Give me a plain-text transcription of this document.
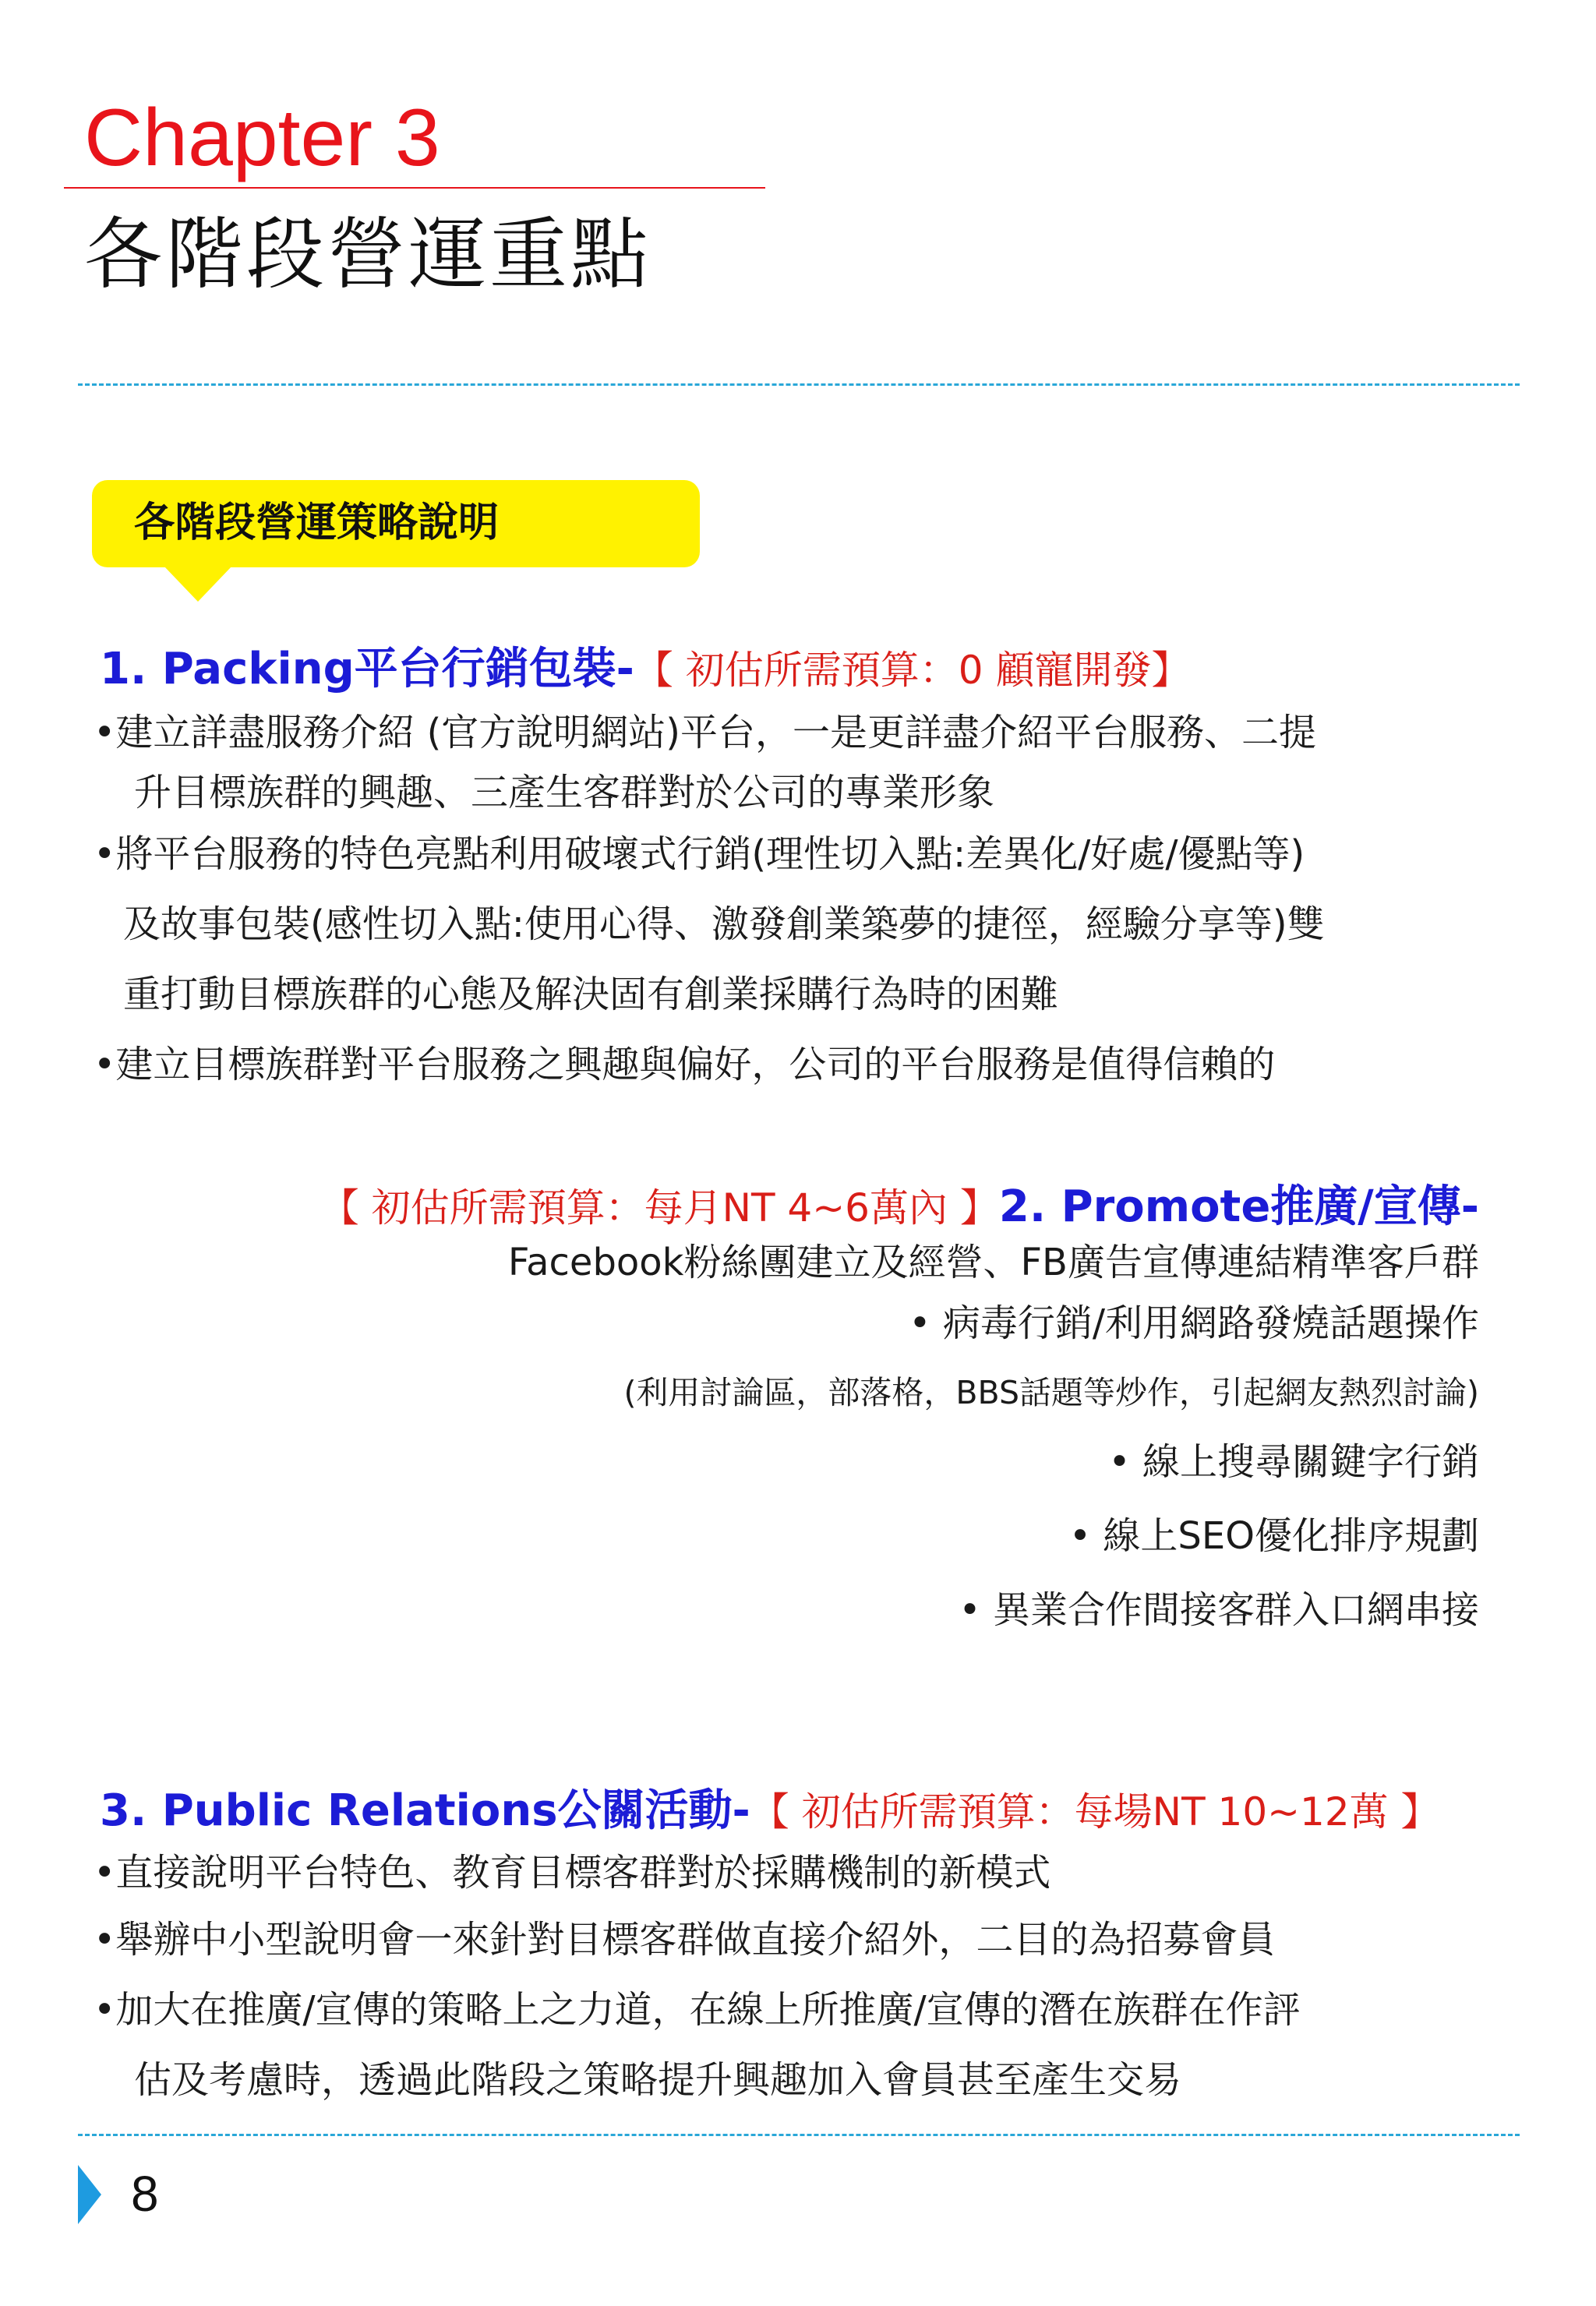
Chapter 3
各階段營運重點
各階段營運策略說明
1. Packing平台行銷包裝-【 初估所需預算：0 顧寵開發】
•建立詳盡服務介紹 (官方說明網站)平台，一是更詳盡介紹平台服務、二提
升目標族群的興趣、三產生客群對於公司的專業形象
•將平台服務的特色亮點利用破壞式行銷(理性切入點:差異化/好處/優點等)
及故事包裝(感性切入點:使用心得、激發創業築夢的捷徑，經驗分享等)雙
重打動目標族群的心態及解決固有創業採購行為時的困難
•建立目標族群對平台服務之興趣與偏好，公司的平台服務是值得信賴的
【 初估所需預算：每月NT 4~6萬內 】2. Promote推廣/宣傳-
Facebook粉絲團建立及經營、FB廣告宣傳連結精準客戶群
• 病毒行銷/利用網路發燒話題操作
(利用討論區，部落格，BBS話題等炒作，引起網友熱烈討論)
• 線上搜尋關鍵字行銷
• 線上SEO優化排序規劃
• 異業合作間接客群入口網串接
3. Public Relations公關活動-【 初估所需預算：每場NT 10~12萬 】
•直接說明平台特色、教育目標客群對於採購機制的新模式
•舉辦中小型說明會一來針對目標客群做直接介紹外，二目的為招募會員
•加大在推廣/宣傳的策略上之力道，在線上所推廣/宣傳的潛在族群在作評
估及考慮時，透過此階段之策略提升興趣加入會員甚至產生交易
8
